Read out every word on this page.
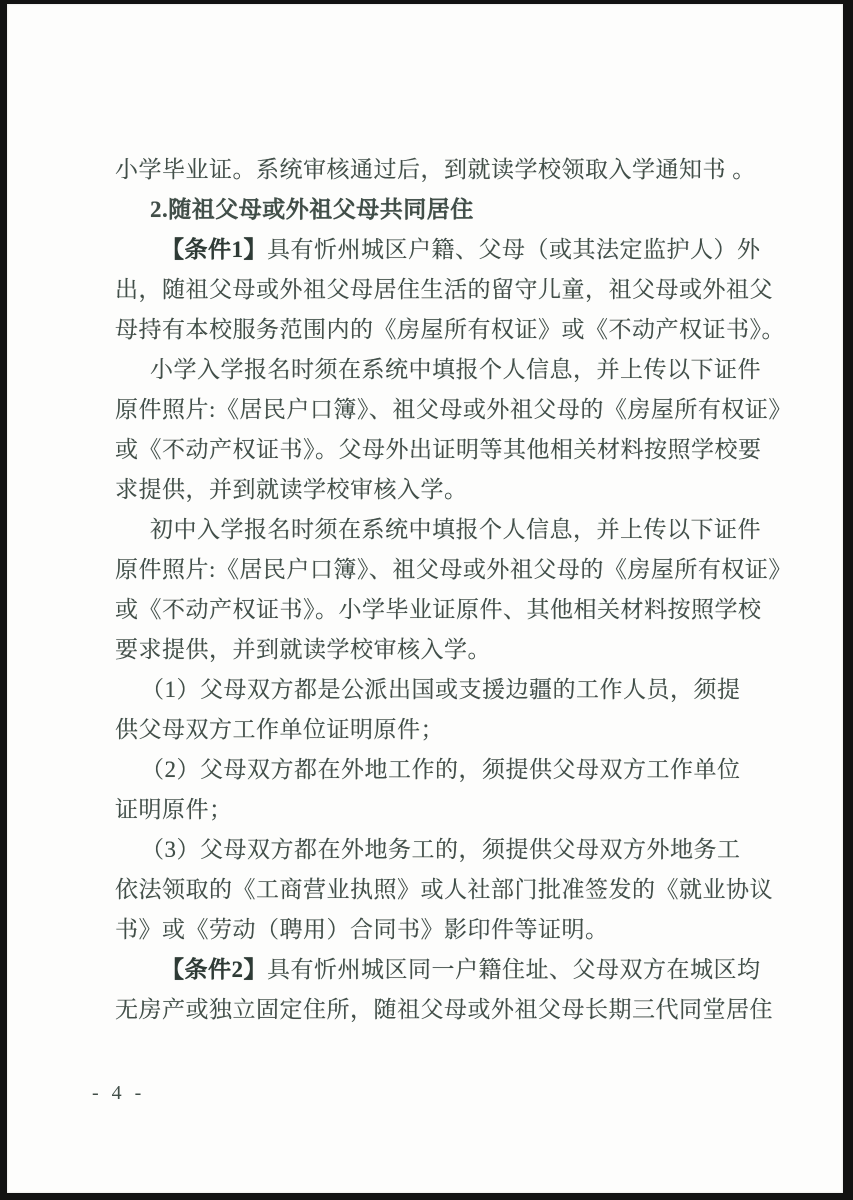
小学毕业证。系统审核通过后，到就读学校领取入学通知书 。

2.随祖父母或外祖父母共同居住

【条件1】具有忻州城区户籍、父母（或其法定监护人）外

出，随祖父母或外祖父母居住生活的留守儿童，祖父母或外祖父

母持有本校服务范围内的《房屋所有权证》或《不动产权证书》。

小学入学报名时须在系统中填报个人信息，并上传以下证件

原件照片:《居民户口簿》、祖父母或外祖父母的《房屋所有权证》

或《不动产权证书》。父母外出证明等其他相关材料按照学校要

求提供，并到就读学校审核入学。

初中入学报名时须在系统中填报个人信息，并上传以下证件

原件照片:《居民户口簿》、祖父母或外祖父母的《房屋所有权证》

或《不动产权证书》。小学毕业证原件、其他相关材料按照学校

要求提供，并到就读学校审核入学。

（1）父母双方都是公派出国或支援边疆的工作人员，须提

供父母双方工作单位证明原件；

（2）父母双方都在外地工作的，须提供父母双方工作单位

证明原件；

（3）父母双方都在外地务工的，须提供父母双方外地务工

依法领取的《工商营业执照》或人社部门批准签发的《就业协议

书》或《劳动（聘用）合同书》影印件等证明。

【条件2】具有忻州城区同一户籍住址、父母双方在城区均

无房产或独立固定住所，随祖父母或外祖父母长期三代同堂居住

- 4 -
